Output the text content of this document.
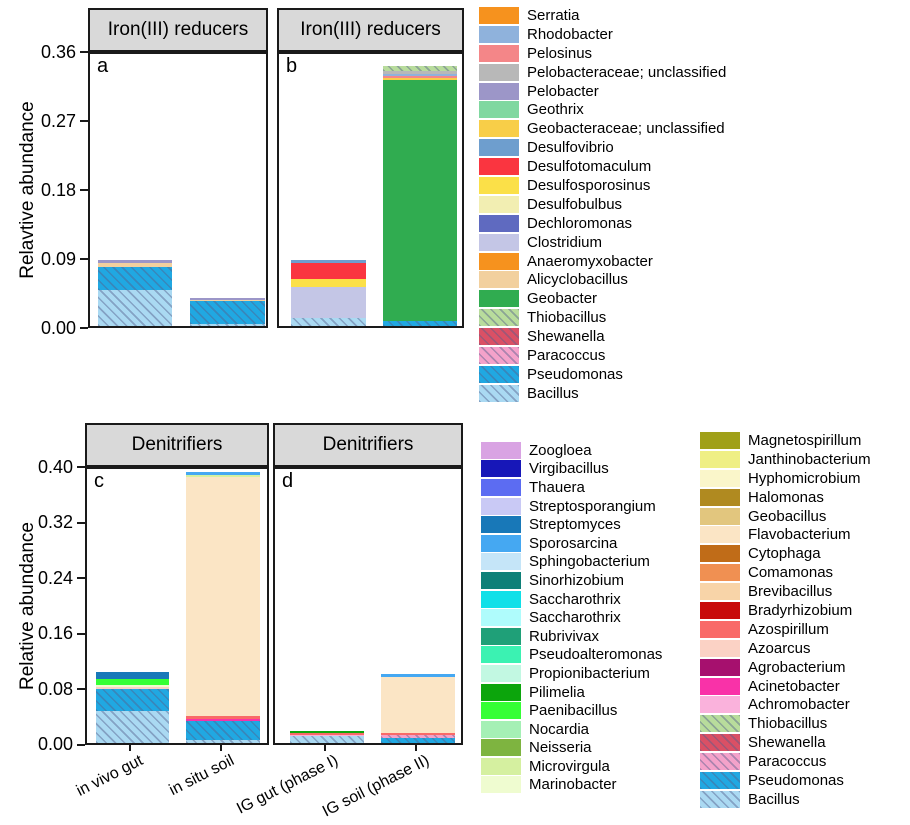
Relavtive abundance
Relative abundance
0.36
0.27
0.18
0.09
0.00
0.40
0.32
0.24
0.16
0.08
0.00
Iron(III) reducers	Iron(III) reducers
Denitrifiers	Denitrifiers
a	b
c	d
in vivo gut in situ soil
IG gut (phase I)
IG soil (phase II)
Serratia
Rhodobacter
Pelosinus
Pelobacteraceae; unclassified
Pelobacter
Geothrix
Geobacteraceae; unclassified
Desulfovibrio
Desulfotomaculum
Desulfosporosinus
Desulfobulbus
Dechloromonas
Clostridium
Anaeromyxobacter
Alicyclobacillus
Geobacter
Thiobacillus
Shewanella
Paracoccus
Pseudomonas
Bacillus
Zoogloea
Virgibacillus
Thauera
Streptosporangium
Streptomyces
Sporosarcina
Sphingobacterium
Sinorhizobium
Saccharothrix
Saccharothrix
Rubrivivax
Pseudoalteromonas
Propionibacterium
Pilimelia
Paenibacillus
Nocardia
Neisseria
Microvirgula
Marinobacter
Magnetospirillum
Janthinobacterium
Hyphomicrobium
Halomonas
Geobacillus
Flavobacterium
Cytophaga
Comamonas
Brevibacillus
Bradyrhizobium
Azospirillum
Azoarcus
Agrobacterium
Acinetobacter
Achromobacter
Thiobacillus
Shewanella
Paracoccus
Pseudomonas
Bacillus
